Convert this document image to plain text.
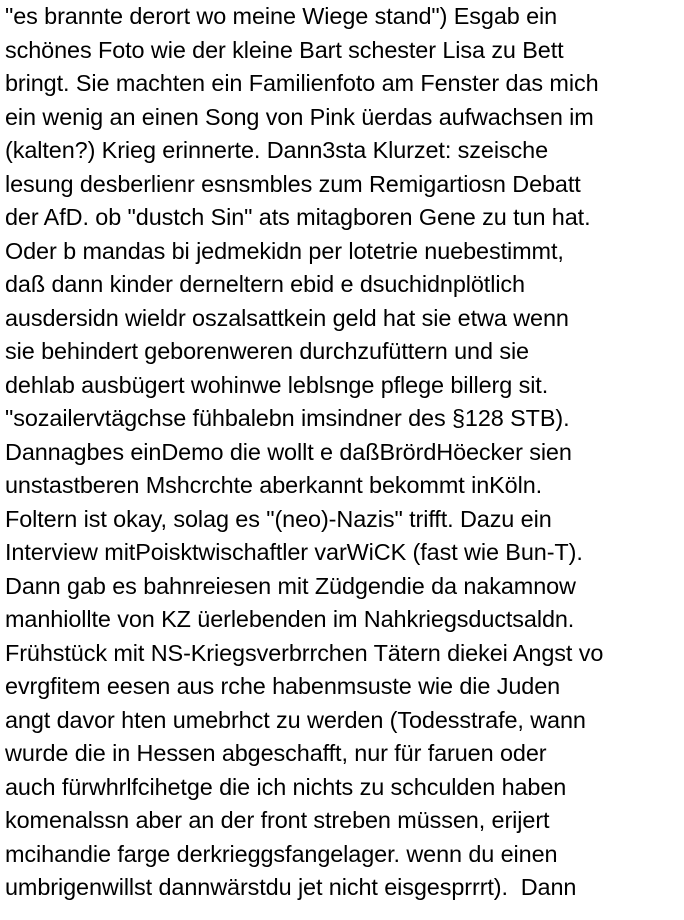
"es brannte derort wo meine Wiege stand") Esgab ein
schönes Foto wie der kleine Bart schester Lisa zu Bett
bringt. Sie machten ein Familienfoto am Fenster das mich
ein wenig an einen Song von Pink üerdas aufwachsen im
(kalten?) Krieg erinnerte. Dann3sta Klurzet: szeische
lesung desberlienr esnsmbles zum Remigartiosn Debatt
der AfD. ob "dustch Sin" ats mitagboren Gene zu tun hat.
Oder b mandas bi jedmekidn per lotetrie nuebestimmt,
daß dann kinder derneltern ebid e dsuchidnplötlich
ausdersidn wieldr oszalsattkein geld hat sie etwa wenn
sie behindert geborenweren durchzufüttern und sie
dehlab ausbügert wohinwe leblsnge pflege billerg sit.
"sozailervtägchse fühbalebn imsindner des §128 STB).
Dannagbes einDemo die wollt e daßBrördHöecker sien
unstastberen Mshcrchte aberkannt bekommt inKöln.
Foltern ist okay, solag es "(neo)-Nazis" trifft. Dazu ein
Interview mitPoisktwischaftler varWiCK (fast wie Bun-T).
Dann gab es bahnreiesen mit Züdgendie da nakamnow
manhiollte von KZ üerlebenden im Nahkriegsductsaldn.
Frühstück mit NS-Kriegsverbrrchen Tätern diekei Angst vo
evrgfitem eesen aus rche habenmsuste wie die Juden
angt davor hten umebrhct zu werden (Todesstrafe, wann
wurde die in Hessen abgeschafft, nur für faruen oder
auch fürwhrlfcihetge die ich nichts zu schculden haben
komenalssn aber an der front streben müssen, erijert
mcihandie farge derkrieggsfangelager. wenn du einen
umbrigenwillst dannwärstdu jet nicht eisgesprrrt).  Dann
